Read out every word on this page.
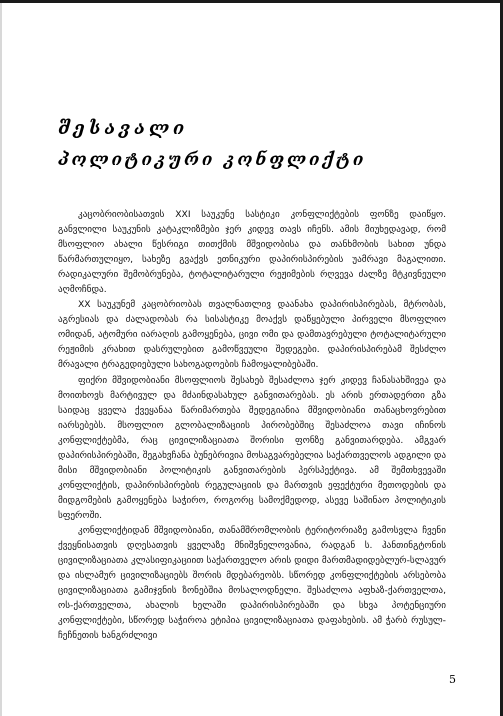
შესავალი
პოლიტიკური კონფლიქტი

კაცობრიობისათვის XXI საუკუნე სასტიკი კონფლიქტების ფონზე დაიწყო. განვლილი საუკუნის კატაკლიზმები ჯერ კიდევ თავს იჩენს. ამის მიუხედავად, რომ მსოფლიო ახალი წესრიგი თითქმის მშვიდობისა და თანხმობის სახით უნდა წარმართულიყო, სახეზე გვაქვს ეთნიკური დაპირისპირების უამრავი მაგალითი. რადიკალური შემობრუნება, ტოტალიტარული რეჟიმების რღვევა ძალზე მტკივნეული აღმოჩნდა.

XX საუკუნემ კაცობრიობას თვალნათლივ დაანახა დაპირისპირებას, მტრობას, აგრესიას და ძალადობას რა სისასტიკე მოაქვს დაწყებული პირველი მსოფლიო ომიდან, ატომური იარაღის გამოყენება, ცივი ომი და დამთავრებული ტოტალიტარული რეჟიმის კრახით დასრულებით გამოწვეული შედეგები. დაპირისპირებამ შესძლო მრავალი ტრაგედიებული სახოგადოების ჩამოყალიბებაში.

ფიქრი მშვიდობიანი მსოფლიოს შესახებ შესაძლოა ჯერ კიდევ ჩანასახშივეა და მოითხოვს მარტივულ და მძაინდასახულ განვითარებას. ეს არის ერთადერთი გზა საიდაც ყველა ქვეყანაა წარიმართება შედეგიანია მშვიდობიანი თანაცხოვრებით იარსებებს. მსოფლიო გლობალიზაციის პირობებშიც შესაძლოა თავი იჩინოს კონფლიქტებმა, რაც ცივილიზაციათა შორისი ფონზე განვითარდება. ამგვარ დაპირისპირებაში, შეგახვჩანა ბუნებრივია მოსაგვარებელია საქართველოს ადგილი და მისი მშვიდობიანი პოლიტიკის განვითარების პერსპექტივა. ამ შემთხვევაში კონფლიქტის, დაპირისპირების რეგულაციის და მართვის ეფექტური მეთოდების და მიდგომების გამოყენება საჭირო, როგორც სამოქმედოდ, ასევე საშინაო პოლიტიკის სფეროში.

კონფლიქტიდან მშვიდობიანი, თანამშრომლობის ტერიტორიაზე გამოსვლა ჩვენი ქვეყნისათვის დღესათვის ყველაზე მნიშვნელოვანია, რადგან ს. ჰანთინგტონის ცივილიზაციათა კლასიფიკაციით საქართველო არის დიდი მართმადიდებლურ-სლავურ და ისლამურ ცივილიზაციებს შორის მდებარეობს. სწორედ კონფლიქტების არსებობა ცივილიზაციათა გამიჯვნის ზონებშია მოსალოდნელი. შესაძლოა აფხაზ-ქართველთა, ოს-ქართველთა, ახალის ხელაში დაპირისპირებაში და სხვა პოტენციური კონფლიქტები, სწორედ საჭიროა ეტიპია ცივილიზაციათა დაფახების. ამ ჭარბ რუსულ-ჩეჩნეთის ხანგრძლივი

5
